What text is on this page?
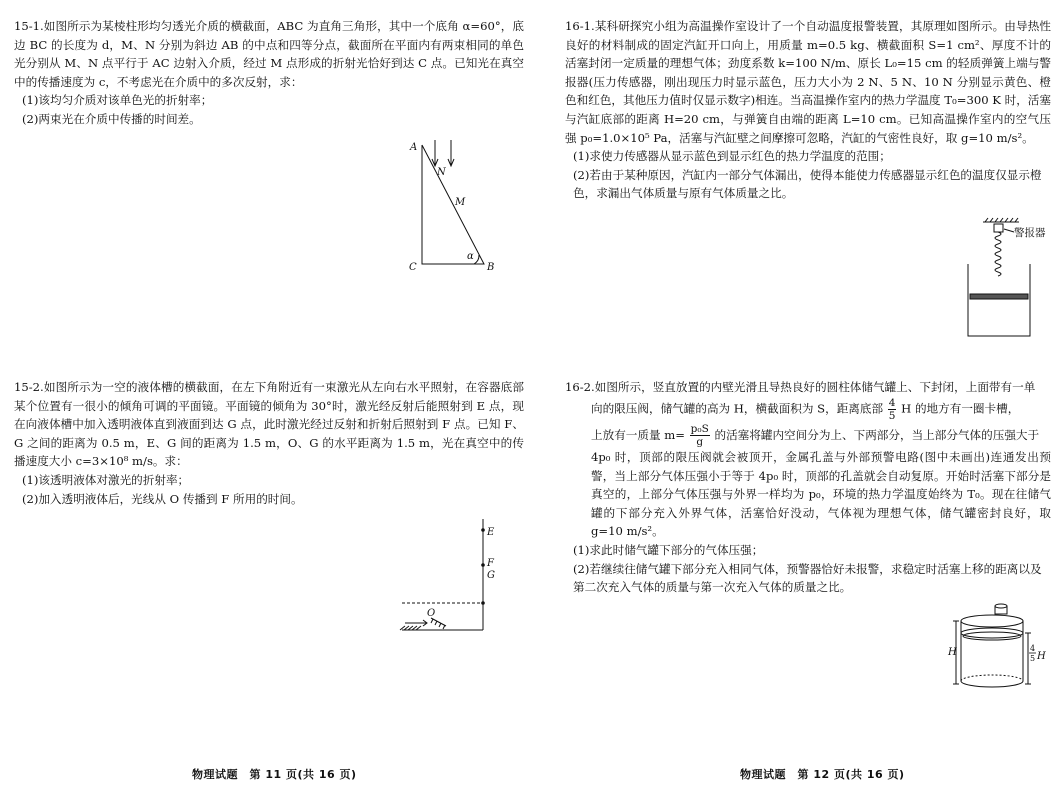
15-1.如图所示为某棱柱形均匀透光介质的横截面，ABC 为直角三角形，其中一个底角 α=60°，底边 BC 的长度为 d，M、N 分别为斜边 AB 的中点和四等分点，截面所在平面内有两束相同的单色光分别从 M、N 点平行于 AC 边射入介质，经过 M 点形成的折射光恰好到达 C 点。已知光在真空中的传播速度为 c，不考虑光在介质中的多次反射，求：

(1)该均匀介质对该单色光的折射率；

(2)两束光在介质中传播的时间差。

15-2.如图所示为一空的液体槽的横截面，在左下角附近有一束激光从左向右水平照射，在容器底部某个位置有一很小的倾角可调的平面镜。平面镜的倾角为 30°时，激光经反射后能照射到 E 点，现在向液体槽中加入透明液体直到液面到达 G 点，此时激光经过反射和折射后照射到 F 点。已知 F、G 之间的距离为 0.5 m，E、G 间的距离为 1.5 m，O、G 的水平距离为 1.5 m，光在真空中的传播速度大小 c=3×10⁸ m/s。求：

(1)该透明液体对激光的折射率；

(2)加入透明液体后，光线从 O 传播到 F 所用的时间。

A
N
M
C	B
α
E
F
G
O
物理试题　第 11 页(共 16 页)

16-1.某科研探究小组为高温操作室设计了一个自动温度报警装置，其原理如图所示。由导热性良好的材料制成的固定汽缸开口向上，用质量 m=0.5 kg、横截面积 S=1 cm²、厚度不计的活塞封闭一定质量的理想气体；劲度系数 k=100 N/m、原长 L₀=15 cm 的轻质弹簧上端与警报器(压力传感器，刚出现压力时显示蓝色，压力大小为 2 N、5 N、10 N 分别显示黄色、橙色和红色，其他压力值时仅显示数字)相连。当高温操作室内的热力学温度 T₀=300 K 时，活塞与汽缸底部的距离 H=20 cm，与弹簧自由端的距离 L=10 cm。已知高温操作室内的空气压强 p₀=1.0×10⁵ Pa，活塞与汽缸壁之间摩擦可忽略，汽缸的气密性良好，取 g=10 m/s²。

(1)求使力传感器从显示蓝色到显示红色的热力学温度的范围；

(2)若由于某种原因，汽缸内一部分气体漏出，使得本能使力传感器显示红色的温度仅显示橙色，求漏出气体质量与原有气体质量之比。

16-2.如图所示，竖直放置的内壁光滑且导热良好的圆柱体储气罐上、下封闭，上面带有一单

向的限压阀，储气罐的高为 H，横截面积为 S，距离底部 $\frac{4}{5}$ H 的地方有一圈卡槽，

上放有一质量 $m= \frac{\text{p₀S}}{g}$ 的活塞将罐内空间分为上、下两部分，当上部分气体的压强大于

4p₀ 时，顶部的限压阀就会被顶开，金属孔盖与外部预警电路(图中未画出)连通发出预警，当上部分气体压强小于等于 4p₀ 时，顶部的孔盖就会自动复原。开始时活塞下部分是真空的，上部分气体压强与外界一样均为 p₀，环境的热力学温度始终为 T₀。现在往储气罐的下部分充入外界气体，活塞恰好没动，气体视为理想气体，储气罐密封良好，取 g=10 m/s²。

(1)求此时储气罐下部分的气体压强；

(2)若继续往储气罐下部分充入相同气体，预警器恰好未报警，求稳定时活塞上移的距离以及第二次充入气体的质量与第一次充入气体的质量之比。

警报器
H	4
5 H
物理试题　第 12 页(共 16 页)
